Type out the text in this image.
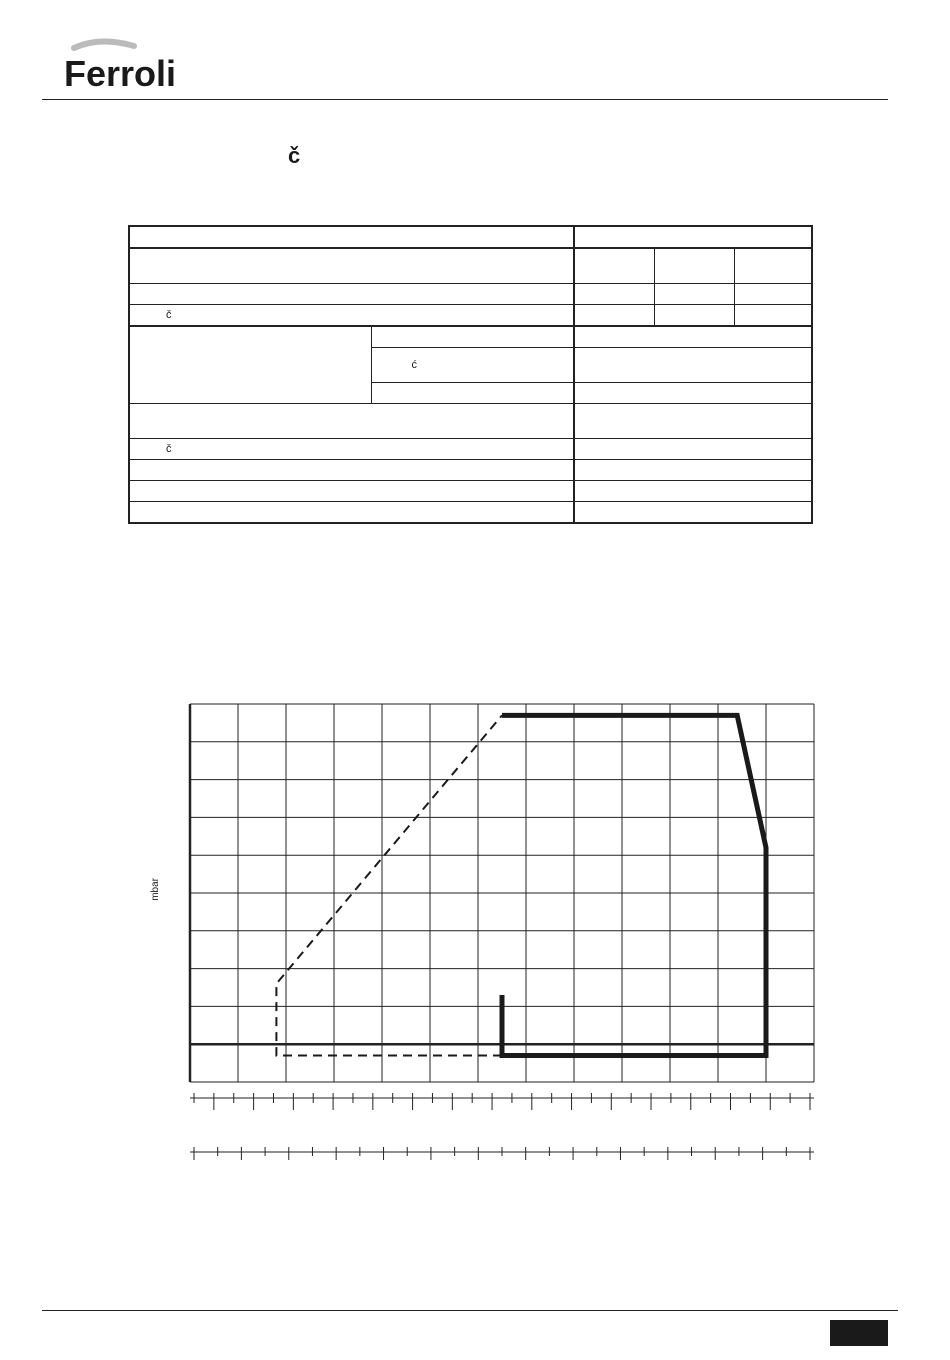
Ferroli
č

č				

	ć			

č				

mbar
